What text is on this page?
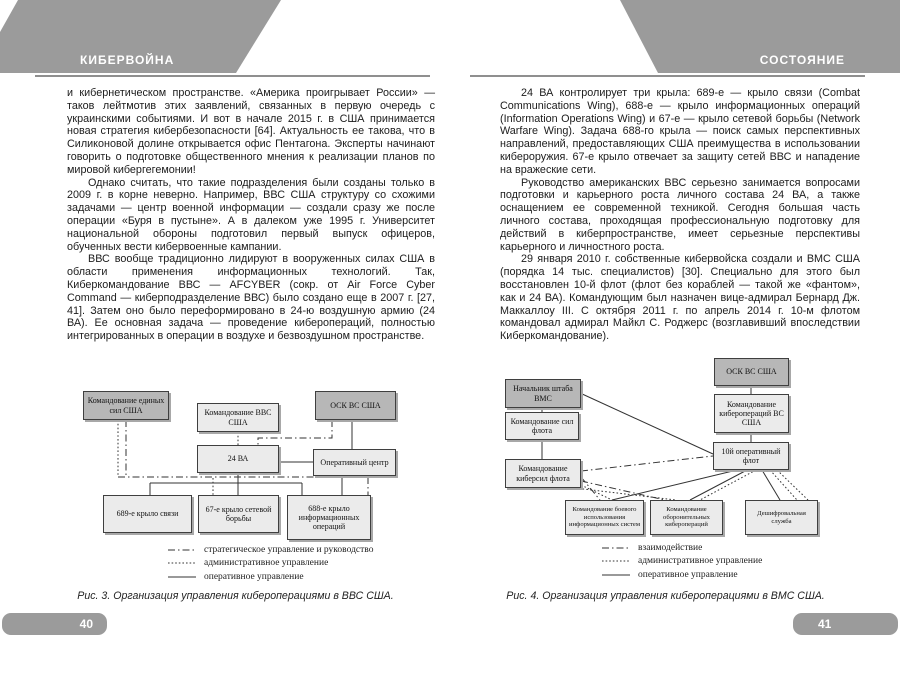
КИБЕРВОЙНА	СОСТОЯНИЕ

и кибернетическом пространстве. «Америка проигрывает России» — таков лейтмотив этих заявлений, связанных в первую очередь с украинскими событиями. И вот в начале 2015 г. в США принимается новая стратегия кибербезопасности [64]. Актуальность ее такова, что в Силиконовой долине открывается офис Пентагона. Эксперты начинают говорить о подготовке общественного мнения к реализации планов по мировой кибергегемонии!

Однако считать, что такие подразделения были созданы только в 2009 г. в корне неверно. Например, ВВС США структуру со схожими задачами — центр военной информации — создали сразу же после операции «Буря в пустыне». А в далеком уже 1995 г. Университет национальной обороны подготовил первый выпуск офицеров, обученных вести кибервоенные кампании.

ВВС вообще традиционно лидируют в вооруженных силах США в области применения информационных технологий. Так, Киберкомандование ВВС — AFCYBER (сокр. от Air Force Cyber Command — киберподразделение ВВС) было создано еще в 2007 г. [27, 41]. Затем оно было переформировано в 24-ю воздушную армию (24 ВА). Ее основная задача — проведение киберопераций, полностью интегрированных в операции в воздухе и безвоздушном пространстве.

24 ВА контролирует три крыла: 689-е — крыло связи (Combat Communications Wing), 688-е — крыло информационных операций (Information Operations Wing) и 67-е — крыло сетевой борьбы (Network Warfare Wing). Задача 688-го крыла — поиск самых перспективных направлений, предоставляющих США преимущества в использовании кибероружия. 67-е крыло отвечает за защиту сетей ВВС и нападение на вражеские сети.

Руководство американских ВВС серьезно занимается вопросами подготовки и карьерного роста личного состава 24 ВА, а также оснащением ее современной техникой. Сегодня большая часть личного состава, проходящая профессиональную подготовку для действий в киберпространстве, имеет серьезные перспективы карьерного и личностного роста.

29 января 2010 г. собственные кибервойска создали и ВМС США (порядка 14 тыс. специалистов) [30]. Специально для этого был восстановлен 10-й флот (флот без кораблей — такой же «фантом», как и 24 ВА). Командующим был назначен вице-адмирал Бернард Дж. Маккаллоу III. С октября 2011 г. по апрель 2014 г. 10-м флотом командовал адмирал Майкл С. Роджерс (возглавивший впоследствии Киберкомандование).

Командование единых сил США	Командование ВВС США
ОСК ВС США
24 ВА	Оперативный центр
689-е крыло связи
67-е крыло сетевой борьбы
688-е крыло информационных операций
стратегическое управление и руководство
административное управление
оперативное управление
Рис. 3. Организация управления кибероперациями в ВВС США.
Начальник штаба ВМС
ОСК ВС США
Командование сил флота
Командование киберопераций ВС США
Командование киберсил флота
10й оперативный флот
Командование боевого использования информационных систем
Командование оборонительных киберопераций
Дешифровальная служба
взаимодействие
административное управление
оперативное управление
Рис. 4. Организация управления кибероперациями в ВМС США.
40	41
